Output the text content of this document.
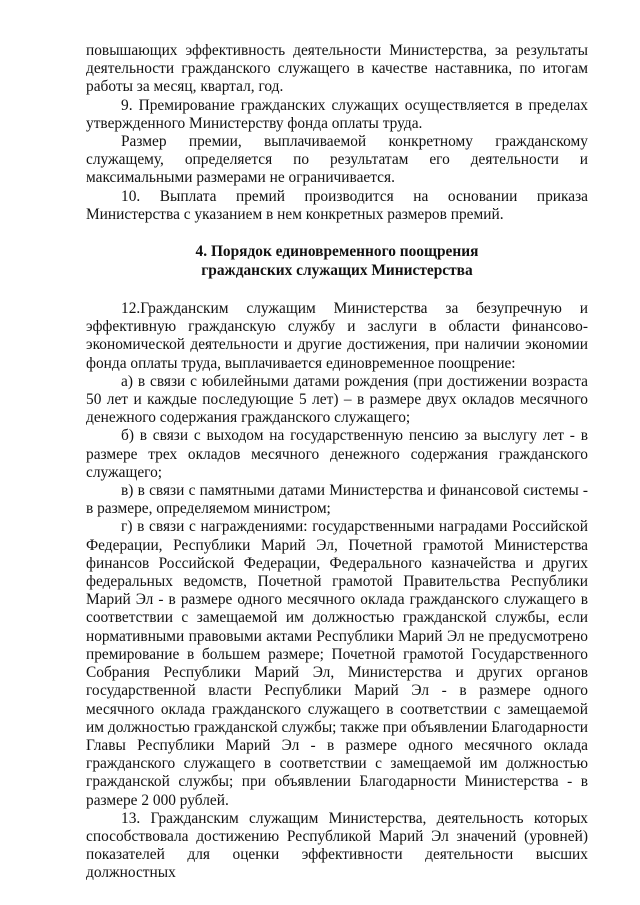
повышающих эффективность деятельности Министерства, за результаты деятельности гражданского служащего в качестве наставника, по итогам работы за месяц, квартал, год.

9. Премирование гражданских служащих осуществляется в пределах утвержденного Министерству фонда оплаты труда.

Размер премии, выплачиваемой конкретному гражданскому служащему, определяется по результатам его деятельности и максимальными размерами не ограничивается.

10. Выплата премий производится на основании приказа Министерства с указанием в нем конкретных размеров премий.

4. Порядок единовременного поощрения
гражданских служащих Министерства

12.Гражданским служащим Министерства за безупречную и эффективную гражданскую службу и заслуги в области финансово-экономической деятельности и другие достижения, при наличии экономии фонда оплаты труда, выплачивается единовременное поощрение:

а) в связи с юбилейными датами рождения (при достижении возраста 50 лет и каждые последующие 5 лет) – в размере двух окладов месячного денежного содержания гражданского служащего;

б) в связи с выходом на государственную пенсию за выслугу лет - в размере трех окладов месячного денежного содержания гражданского служащего;

в) в связи с памятными датами Министерства и финансовой системы - в размере, определяемом министром;

г) в связи с награждениями: государственными наградами Российской Федерации, Республики Марий Эл, Почетной грамотой Министерства финансов Российской Федерации, Федерального казначейства и других федеральных ведомств, Почетной грамотой Правительства Республики Марий Эл - в размере одного месячного оклада гражданского служащего в соответствии с замещаемой им должностью гражданской службы, если нормативными правовыми актами Республики Марий Эл не предусмотрено премирование в большем размере; Почетной грамотой Государственного Собрания Республики Марий Эл, Министерства и других органов государственной власти Республики Марий Эл - в размере одного месячного оклада гражданского служащего в соответствии с замещаемой им должностью гражданской службы; также при объявлении Благодарности Главы Республики Марий Эл - в размере одного месячного оклада гражданского служащего в соответствии с замещаемой им должностью гражданской службы; при объявлении Благодарности Министерства - в размере 2 000 рублей.

13. Гражданским служащим Министерства, деятельность которых способствовала достижению Республикой Марий Эл значений (уровней) показателей для оценки эффективности деятельности высших должностных
